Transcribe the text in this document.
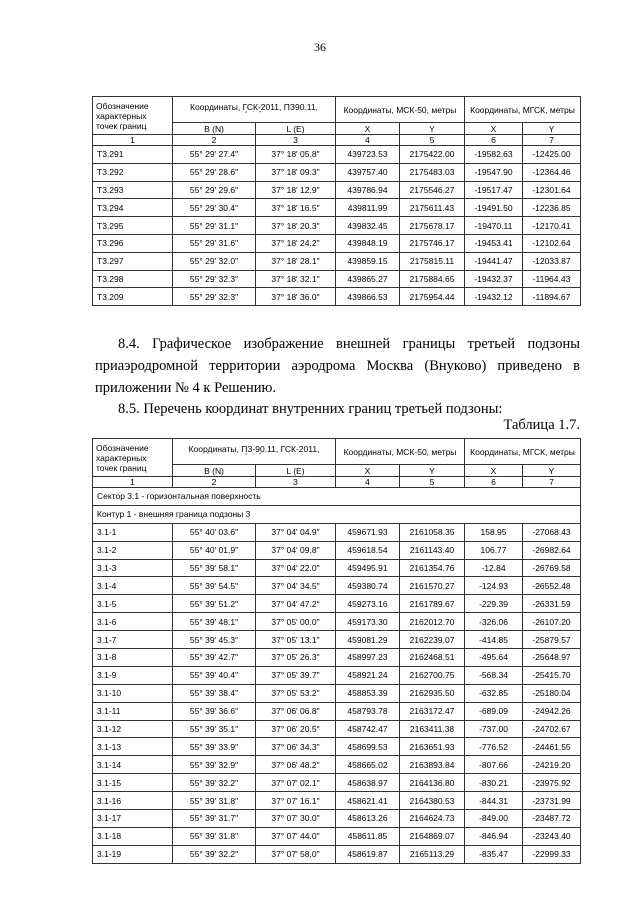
36
Обозначение характерных точек границ	Координаты, ГСК-2011, ПЗ90.11,
° ′ ″		Координаты, МСК-50, метры		Координаты, МГСК, метры	
	B (N)	L (E)	X	Y	X	Y
1	2	3	4	5	6	7
Т3.291	55° 29' 27.4"	37° 18' 05.8"	439723.53	2175422.00	-19582.63	-12425.00
Т3.292	55° 29' 28.6"	37° 18' 09.3"	439757.40	2175483.03	-19547.90	-12364.46
Т3.293	55° 29' 29.6"	37° 18' 12.9"	439786.94	2175546.27	-19517.47	-12301.64
Т3.294	55° 29' 30.4"	37° 18' 16.5"	439811.99	2175611.43	-19491.50	-12236.85
Т3.295	55° 29' 31.1"	37° 18' 20.3"	439832.45	2175678.17	-19470.11	-12170.41
Т3.296	55° 29' 31.6"	37° 18' 24.2"	439848.19	2175746.17	-19453.41	-12102.64
Т3.297	55° 29' 32.0"	37° 18' 28.1"	439859.15	2175815.11	-19441.47	-12033.87
Т3.298	55° 29' 32.3"	37° 18' 32.1"	439865.27	2175884.65	-19432.37	-11964.43
Т3.209	55° 29' 32.3"	37° 18' 36.0"	439866.53	2175954.44	-19432.12	-11894.67
8.4. Графическое изображение внешней границы третьей подзоны
приаэродромной территории аэродрома Москва (Внуково) приведено в
приложении № 4 к Решению.
8.5. Перечень координат внутренних границ третьей подзоны:
Таблица 1.7.
Обозначение характерных точек границ	Координаты, ПЗ-90.11, ГСК-2011,
° ′ ″		Координаты, МСК-50, метры		Координаты, МГСК, метры	
	B (N)	L (E)	X	Y	X	Y
1	2	3	4	5	6	7
Сектор 3.1 - горизонтальная поверхность						
Контур 1 - внешняя граница подзоны 3						
3.1-1	55° 40' 03.6"	37° 04' 04.9"	459671.93	2161058.35	158.95	-27068.43
3.1-2	55° 40' 01.9"	37° 04' 09.8"	459618.54	2161143.40	106.77	-26982.64
3.1-3	55° 39' 58.1"	37° 04' 22.0"	459495.91	2161354.76	-12.84	-26769.58
3.1-4	55° 39' 54.5"	37° 04' 34.5"	459380.74	2161570.27	-124.93	-26552.48
3.1-5	55° 39' 51.2"	37° 04' 47.2"	459273.16	2161789.67	-229.39	-26331.59
3.1-6	55° 39' 48.1"	37° 05' 00.0"	459173.30	2162012.70	-326.06	-26107.20
3.1-7	55° 39' 45.3"	37° 05' 13.1"	459081.29	2162239.07	-414.85	-25879.57
3.1-8	55° 39' 42.7"	37° 05' 26.3"	458997.23	2162468.51	-495.64	-25648.97
3.1-9	55° 39' 40.4"	37° 05' 39.7"	458921.24	2162700.75	-568.34	-25415.70
3.1-10	55° 39' 38.4"	37° 05' 53.2"	458853.39	2162935.50	-632.85	-25180.04
3.1-11	55° 39' 36.6"	37° 06' 06.8"	458793.78	2163172.47	-689.09	-24942.26
3.1-12	55° 39' 35.1"	37° 06' 20.5"	458742.47	2163411.38	-737.00	-24702.67
3.1-13	55° 39' 33.9"	37° 06' 34.3"	458699.53	2163651.93	-776.52	-24461.55
3.1-14	55° 39' 32.9"	37° 06' 48.2"	458665.02	2163893.84	-807.66	-24219.20
3.1-15	55° 39' 32.2"	37° 07' 02.1"	458638.97	2164136.80	-830.21	-23975.92
3.1-16	55° 39' 31.8"	37° 07' 16.1"	458621.41	2164380.53	-844.31	-23731.99
3.1-17	55° 39' 31.7"	37° 07' 30.0"	458613.26	2164624.73	-849.00	-23487.72
3.1-18	55° 39' 31.8"	37° 07' 44.0"	458611.85	2164869.07	-846.94	-23243.40
3.1-19	55° 39' 32.2"	37° 07' 58.0"	458619.87	2165113.29	-835.47	-22999.33
